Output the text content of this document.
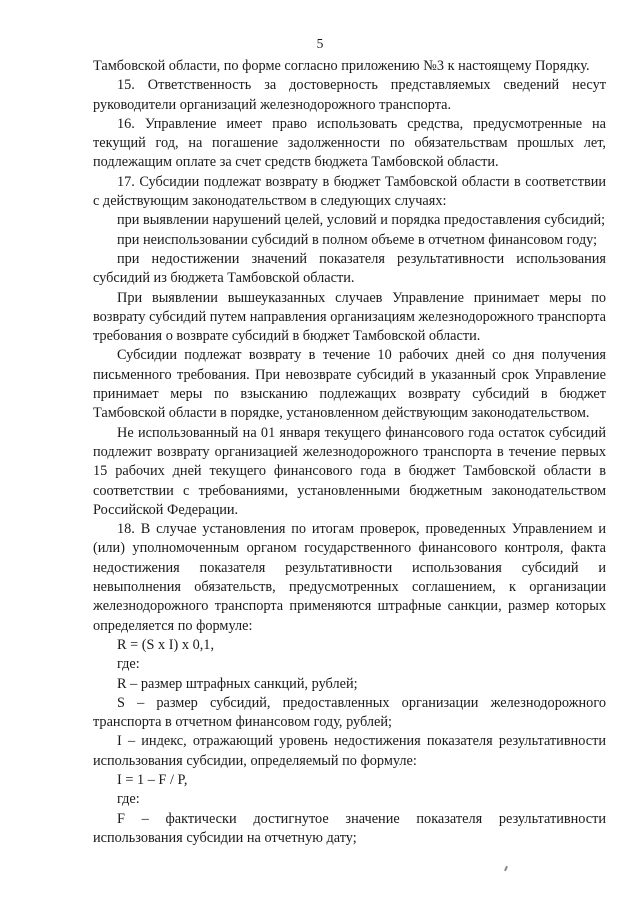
5

Тамбовской области, по форме согласно приложению №3 к настоящему Порядку.

15. Ответственность за достоверность представляемых сведений несут руководители организаций железнодорожного транспорта.

16. Управление имеет право использовать средства, предусмотренные на текущий год, на погашение задолженности по обязательствам прошлых лет, подлежащим оплате за счет средств бюджета Тамбовской области.

17. Субсидии подлежат возврату в бюджет Тамбовской области в соответствии с действующим законодательством в следующих случаях:

при выявлении нарушений целей, условий и порядка предоставления субсидий;

при неиспользовании субсидий в полном объеме в отчетном финансовом году;

при недостижении значений показателя результативности использования субсидий из бюджета Тамбовской области.

При выявлении вышеуказанных случаев Управление принимает меры по возврату субсидий путем направления организациям железнодорожного транспорта требования о возврате субсидий в бюджет Тамбовской области.

Субсидии подлежат возврату в течение 10 рабочих дней со дня получения письменного требования. При невозврате субсидий в указанный срок Управление принимает меры по взысканию подлежащих возврату субсидий в бюджет Тамбовской области в порядке, установленном действующим законодательством.

Не использованный на 01 января текущего финансового года остаток субсидий подлежит возврату организацией железнодорожного транспорта в течение первых 15 рабочих дней текущего финансового года в бюджет Тамбовской области в соответствии с требованиями, установленными бюджетным законодательством Российской Федерации.

18. В случае установления по итогам проверок, проведенных Управлением и (или) уполномоченным органом государственного финансового контроля, факта недостижения показателя результативности использования субсидий и невыполнения обязательств, предусмотренных соглашением, к организации железнодорожного транспорта применяются штрафные санкции, размер которых определяется по формуле:

R = (S x I) x 0,1,

где:

R – размер штрафных санкций, рублей;

S – размер субсидий, предоставленных организации железнодорожного транспорта в отчетном финансовом году, рублей;

I – индекс, отражающий уровень недостижения показателя результативности использования субсидии, определяемый по формуле:

I = 1 – F / P,

где:

F – фактически достигнутое значение показателя результативности использования субсидии на отчетную дату;
